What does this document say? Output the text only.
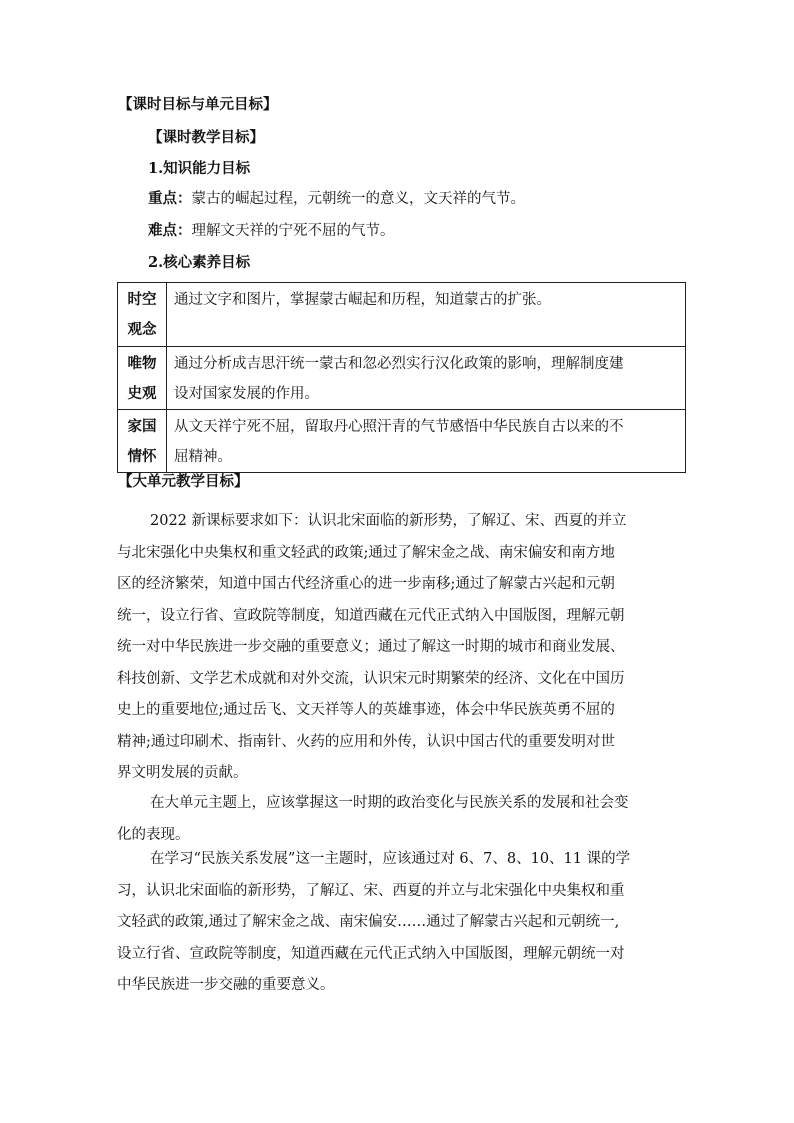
【课时目标与单元目标】
【课时教学目标】
1.知识能力目标
重点：蒙古的崛起过程，元朝统一的意义，文天祥的气节。
难点：理解文天祥的宁死不屈的气节。
2.核心素养目标
时空
观念	通过文字和图片，掌握蒙古崛起和历程，知道蒙古的扩张。

唯物
史观	通过分析成吉思汗统一蒙古和忽必烈实行汉化政策的影响，理解制度建
设对国家发展的作用。

家国
情怀	从文天祥宁死不屈，留取丹心照汗青的气节感悟中华民族自古以来的不
屈精神。
【大单元教学目标】
2022 新课标要求如下：认识北宋面临的新形势，了解辽、宋、西夏的并立
与北宋强化中央集权和重文轻武的政策;通过了解宋金之战、南宋偏安和南方地
区的经济繁荣，知道中国古代经济重心的进一步南移;通过了解蒙古兴起和元朝
统一，设立行省、宣政院等制度，知道西藏在元代正式纳入中国版图，理解元朝
统一对中华民族进一步交融的重要意义；通过了解这一时期的城市和商业发展、
科技创新、文学艺术成就和对外交流，认识宋元时期繁荣的经济、文化在中国历
史上的重要地位;通过岳飞、文天祥等人的英雄事迹，体会中华民族英勇不屈的
精神;通过印刷术、指南针、火药的应用和外传，认识中国古代的重要发明对世
界文明发展的贡献。
在大单元主题上，应该掌握这一时期的政治变化与民族关系的发展和社会变
化的表现。
在学习“民族关系发展”这一主题时，应该通过对 6、7、8、10、11 课的学
习，认识北宋面临的新形势，了解辽、宋、西夏的并立与北宋强化中央集权和重
文轻武的政策,通过了解宋金之战、南宋偏安……通过了解蒙古兴起和元朝统一,
设立行省、宣政院等制度，知道西藏在元代正式纳入中国版图，理解元朝统一对
中华民族进一步交融的重要意义。
